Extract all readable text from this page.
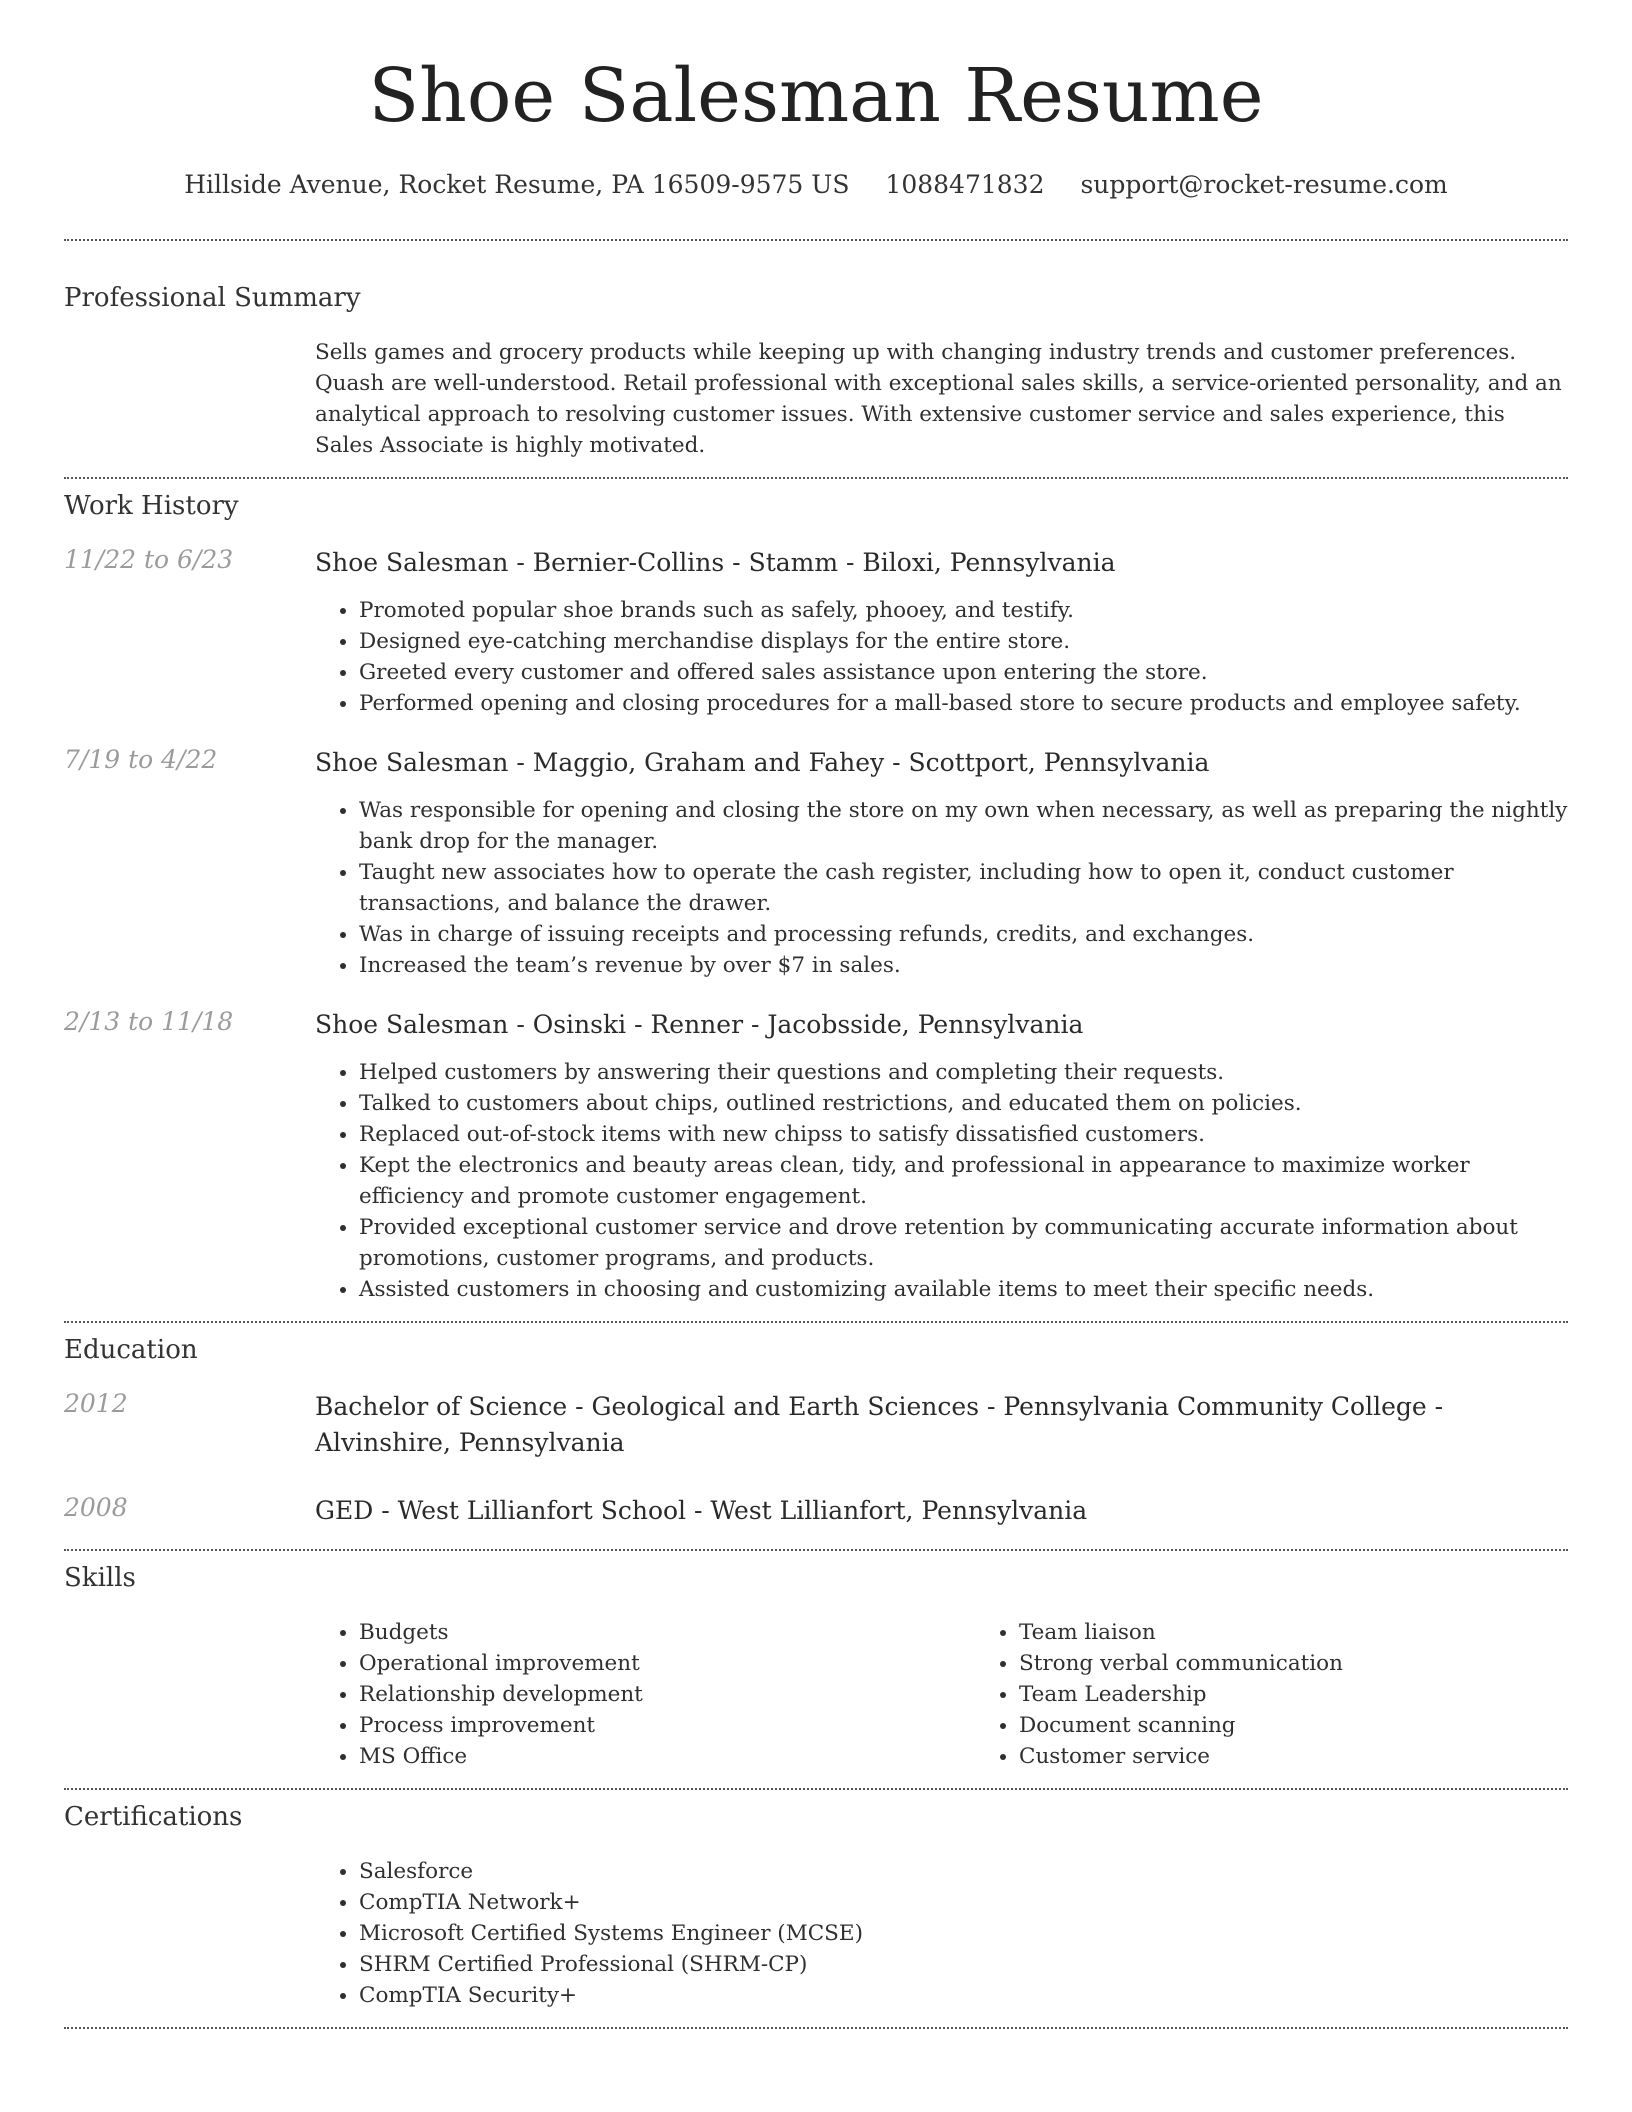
Shoe Salesman Resume
Hillside Avenue, Rocket Resume, PA 16509-9575 US 1088471832 support@rocket-resume.com
Professional Summary
Sells games and grocery products while keeping up with changing industry trends and customer preferences. Quash are well-understood. Retail professional with exceptional sales skills, a service-oriented personality, and an analytical approach to resolving customer issues. With extensive customer service and sales experience, this Sales Associate is highly motivated.
Work History
11/22 to 6/23	Shoe Salesman - Bernier-Collins - Stamm - Biloxi, Pennsylvania
• Promoted popular shoe brands such as safely, phooey, and testify.
• Designed eye-catching merchandise displays for the entire store.
• Greeted every customer and offered sales assistance upon entering the store.
• Performed opening and closing procedures for a mall-based store to secure products and employee safety.
7/19 to 4/22	Shoe Salesman - Maggio, Graham and Fahey - Scottport, Pennsylvania
• Was responsible for opening and closing the store on my own when necessary, as well as preparing the nightly bank drop for the manager.
• Taught new associates how to operate the cash register, including how to open it, conduct customer transactions, and balance the drawer.
• Was in charge of issuing receipts and processing refunds, credits, and exchanges.
• Increased the team’s revenue by over $7 in sales.
2/13 to 11/18	Shoe Salesman - Osinski - Renner - Jacobsside, Pennsylvania
• Helped customers by answering their questions and completing their requests.
• Talked to customers about chips, outlined restrictions, and educated them on policies.
• Replaced out-of-stock items with new chipss to satisfy dissatisfied customers.
• Kept the electronics and beauty areas clean, tidy, and professional in appearance to maximize worker efficiency and promote customer engagement.
• Provided exceptional customer service and drove retention by communicating accurate information about promotions, customer programs, and products.
• Assisted customers in choosing and customizing available items to meet their specific needs.
Education
2012	Bachelor of Science - Geological and Earth Sciences - Pennsylvania Community College - Alvinshire, Pennsylvania
2008	GED - West Lillianfort School - West Lillianfort, Pennsylvania
Skills
• Budgets
• Operational improvement
• Relationship development
• Process improvement
• MS Office
• Team liaison
• Strong verbal communication
• Team Leadership
• Document scanning
• Customer service
Certifications
• Salesforce
• CompTIA Network+
• Microsoft Certified Systems Engineer (MCSE)
• SHRM Certified Professional (SHRM-CP)
• CompTIA Security+
